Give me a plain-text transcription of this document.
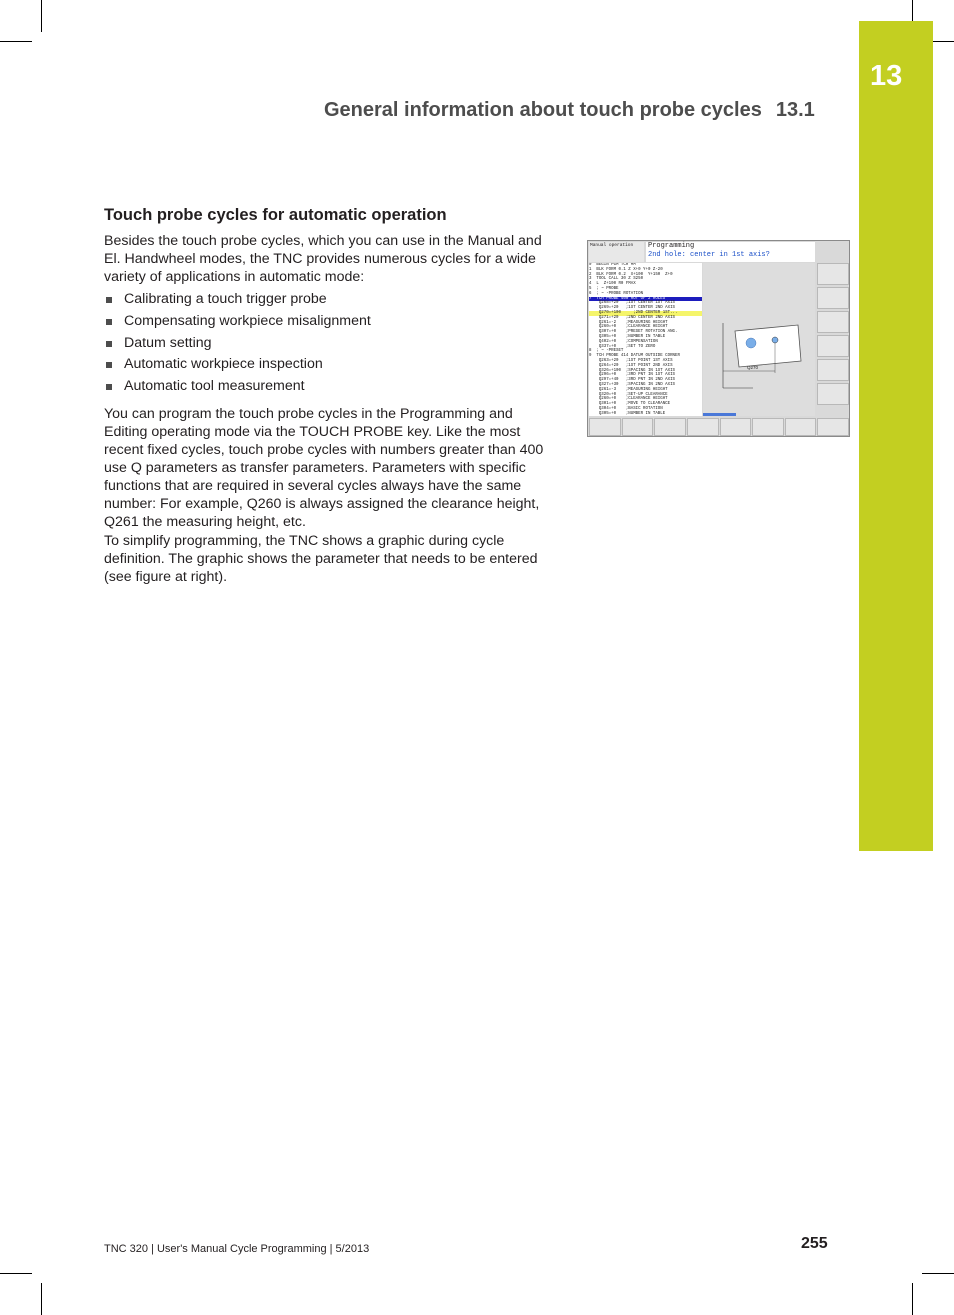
13
General information about touch probe cycles 13.1
Touch probe cycles for automatic operation
Besides the touch probe cycles, which you can use in the Manual and El. Handwheel modes, the TNC provides numerous cycles for a wide variety of applications in automatic mode:
Calibrating a touch trigger probe
Compensating workpiece misalignment
Datum setting
Automatic workpiece inspection
Automatic tool measurement
You can program the touch probe cycles in the Programming and Editing operating mode via the TOUCH PROBE key. Like the most recent fixed cycles, touch probe cycles with numbers greater than 400 use Q parameters as transfer parameters. Parameters with specific functions that are required in several cycles always have the same number: For example, Q260 is always assigned the clearance height, Q261 the measuring height, etc.
To simplify programming, the TNC shows a graphic during cycle definition. The graphic shows the parameter that needs to be entered (see figure at right).
Manual operation	Programming
2nd hole: center in 1st axis?
0  BEGIN PGM TCH MM
1  BLK FORM 0.1 Z X+0 Y+0 Z-20
2  BLK FORM 0.2  X+100  Y+150  Z+0
3  TOOL CALL 30 Z S250
4  L  Z+100 R0 FMAX
5  ; ~ PROBE
6  ; ~ -PROBE ROTATION
7  TCH PROBE 400 ROT OF 2 HOLES
Q268=+20   ;1ST CENTER 1ST AXIS
Q269=+20   ;1ST CENTER 2ND AXIS
Q270=+100     ;2ND CENTER 1ST...
Q271=+20   ;2ND CENTER 2ND AXIS
Q261=-2    ;MEASURING HEIGHT
Q260=+0    ;CLEARANCE HEIGHT
Q307=+0    ;PRESET ROTATION ANG.
Q305=+0    ;NUMBER IN TABLE
Q402=+0    ;COMPENSATION
Q337=+0    ;SET TO ZERO
8  ; ~ -PRESET
9  TCH PROBE 414 DATUM OUTSIDE CORNER
Q263=+20   ;1ST POINT 1ST AXIS
Q264=+20   ;1ST POINT 2ND AXIS
Q326=+100  ;SPACING IN 1ST AXIS
Q296=+0    ;3RD PNT IN 1ST AXIS
Q297=+40   ;3RD PNT IN 2ND AXIS
Q327=+30   ;SPACING IN 2ND AXIS
Q261=-3    ;MEASURING HEIGHT
Q320=+0    ;SET-UP CLEARANCE
Q260=+0    ;CLEARANCE HEIGHT
Q301=+0    ;MOVE TO CLEARANCE
Q304=+0    ;BASIC ROTATION
Q305=+0    ;NUMBER IN TABLE
Q270
TNC 320 | User's Manual Cycle Programming | 5/2013	255
